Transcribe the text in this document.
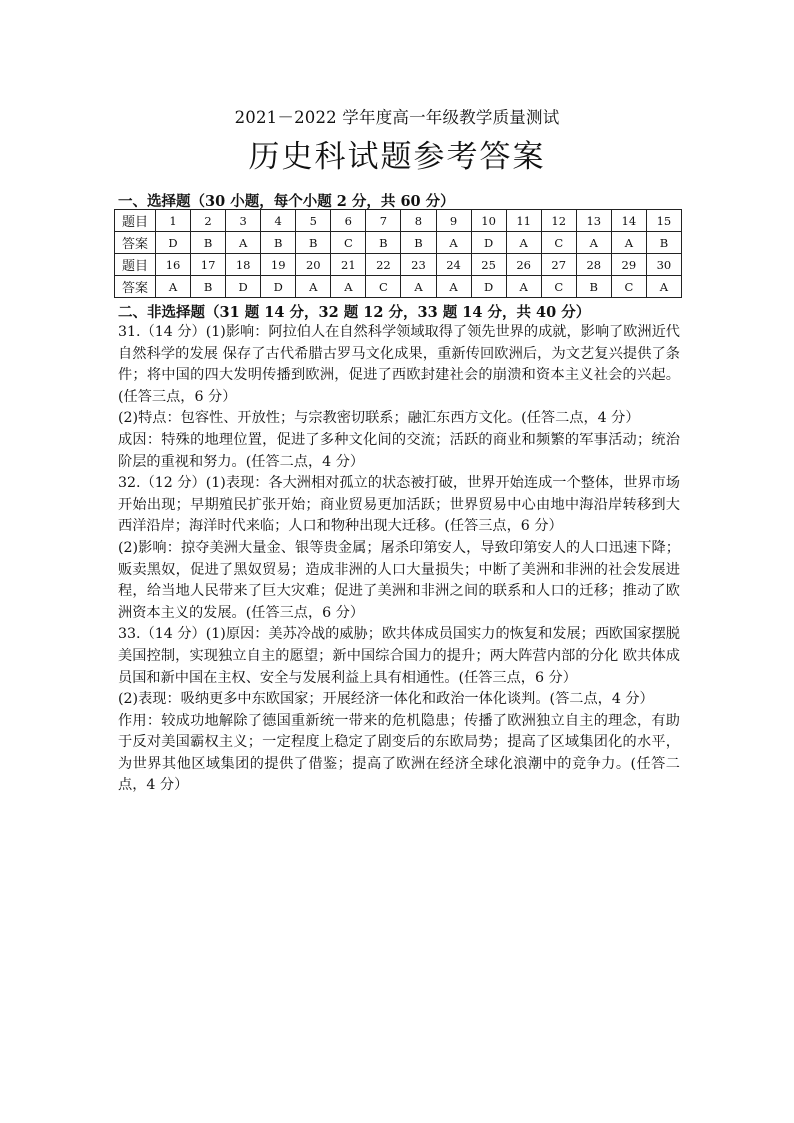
2021－2022 学年度高一年级教学质量测试
历史科试题参考答案
一、选择题（30 小题，每个小题 2 分，共 60 分）
题目	1	2	3	4	5	6	7	8	9	10	11	12	13	14	15
答案	D	B	A	B	B	C	B	B	A	D	A	C	A	A	B
题目	16	17	18	19	20	21	22	23	24	25	26	27	28	29	30
答案	A	B	D	D	A	A	C	A	A	D	A	C	B	C	A
二、非选择题（31 题 14 分，32 题 12 分，33 题 14 分，共 40 分）

31.（14 分）(1)影响：阿拉伯人在自然科学领域取得了领先世界的成就，影响了欧洲近代自然科学的发展 保存了古代希腊古罗马文化成果，重新传回欧洲后，为文艺复兴提供了条件；将中国的四大发明传播到欧洲，促进了西欧封建社会的崩溃和资本主义社会的兴起。(任答三点，6 分）

(2)特点：包容性、开放性；与宗教密切联系；融汇东西方文化。(任答二点，4 分）

成因：特殊的地理位置，促进了多种文化间的交流；活跃的商业和频繁的军事活动；统治阶层的重视和努力。(任答二点，4 分）

32.（12 分）(1)表现：各大洲相对孤立的状态被打破，世界开始连成一个整体，世界市场开始出现；早期殖民扩张开始；商业贸易更加活跃；世界贸易中心由地中海沿岸转移到大西洋沿岸；海洋时代来临；人口和物种出现大迁移。(任答三点，6 分）

(2)影响：掠夺美洲大量金、银等贵金属；屠杀印第安人，导致印第安人的人口迅速下降；贩卖黑奴，促进了黑奴贸易；造成非洲的人口大量损失；中断了美洲和非洲的社会发展进程，给当地人民带来了巨大灾难；促进了美洲和非洲之间的联系和人口的迁移；推动了欧洲资本主义的发展。(任答三点，6 分）

33.（14 分）(1)原因：美苏冷战的威胁；欧共体成员国实力的恢复和发展；西欧国家摆脱美国控制，实现独立自主的愿望；新中国综合国力的提升；两大阵营内部的分化 欧共体成员国和新中国在主权、安全与发展利益上具有相通性。(任答三点，6 分）

(2)表现：吸纳更多中东欧国家；开展经济一体化和政治一体化谈判。(答二点，4 分）

作用：较成功地解除了德国重新统一带来的危机隐患；传播了欧洲独立自主的理念，有助于反对美国霸权主义；一定程度上稳定了剧变后的东欧局势；提高了区域集团化的水平，为世界其他区域集团的提供了借鉴；提高了欧洲在经济全球化浪潮中的竞争力。(任答二点，4 分）
